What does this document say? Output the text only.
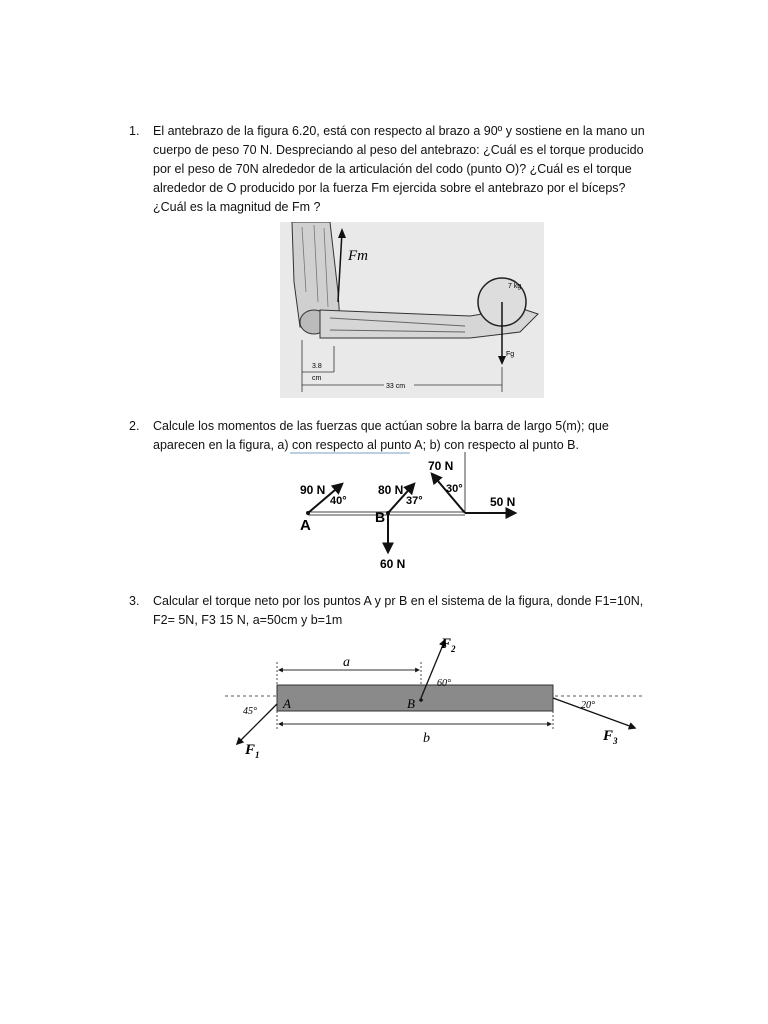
1. El antebrazo de la figura 6.20, está con respecto al brazo a 90º y sostiene en la mano un cuerpo de peso 70 N. Despreciando al peso del antebrazo: ¿Cuál es el torque producido por el peso de 70N alrededor de la articulación del codo (punto O)? ¿Cuál es el torque alrededor de O producido por la fuerza Fm ejercida sobre el antebrazo por el bíceps? ¿Cuál es la magnitud de Fm ?
Fm
7 kg
Fg
3.8
cm
33 cm
2. Calcule los momentos de las fuerzas que actúan sobre la barra de largo 5(m); que aparecen en la figura, a) con respecto al punto A; b) con respecto al punto B.
90 N
40°
80 N
37°
70 N
30°
50 N
60 N
A	B
3. Calcular el torque neto por los puntos A y pr B en el sistema de la figura, donde F1=10N, F2= 5N, F3 15 N, a=50cm y b=1m
a
b
A	B
$F_1$
45°
$F_2$
60°
$F_3$
20°
